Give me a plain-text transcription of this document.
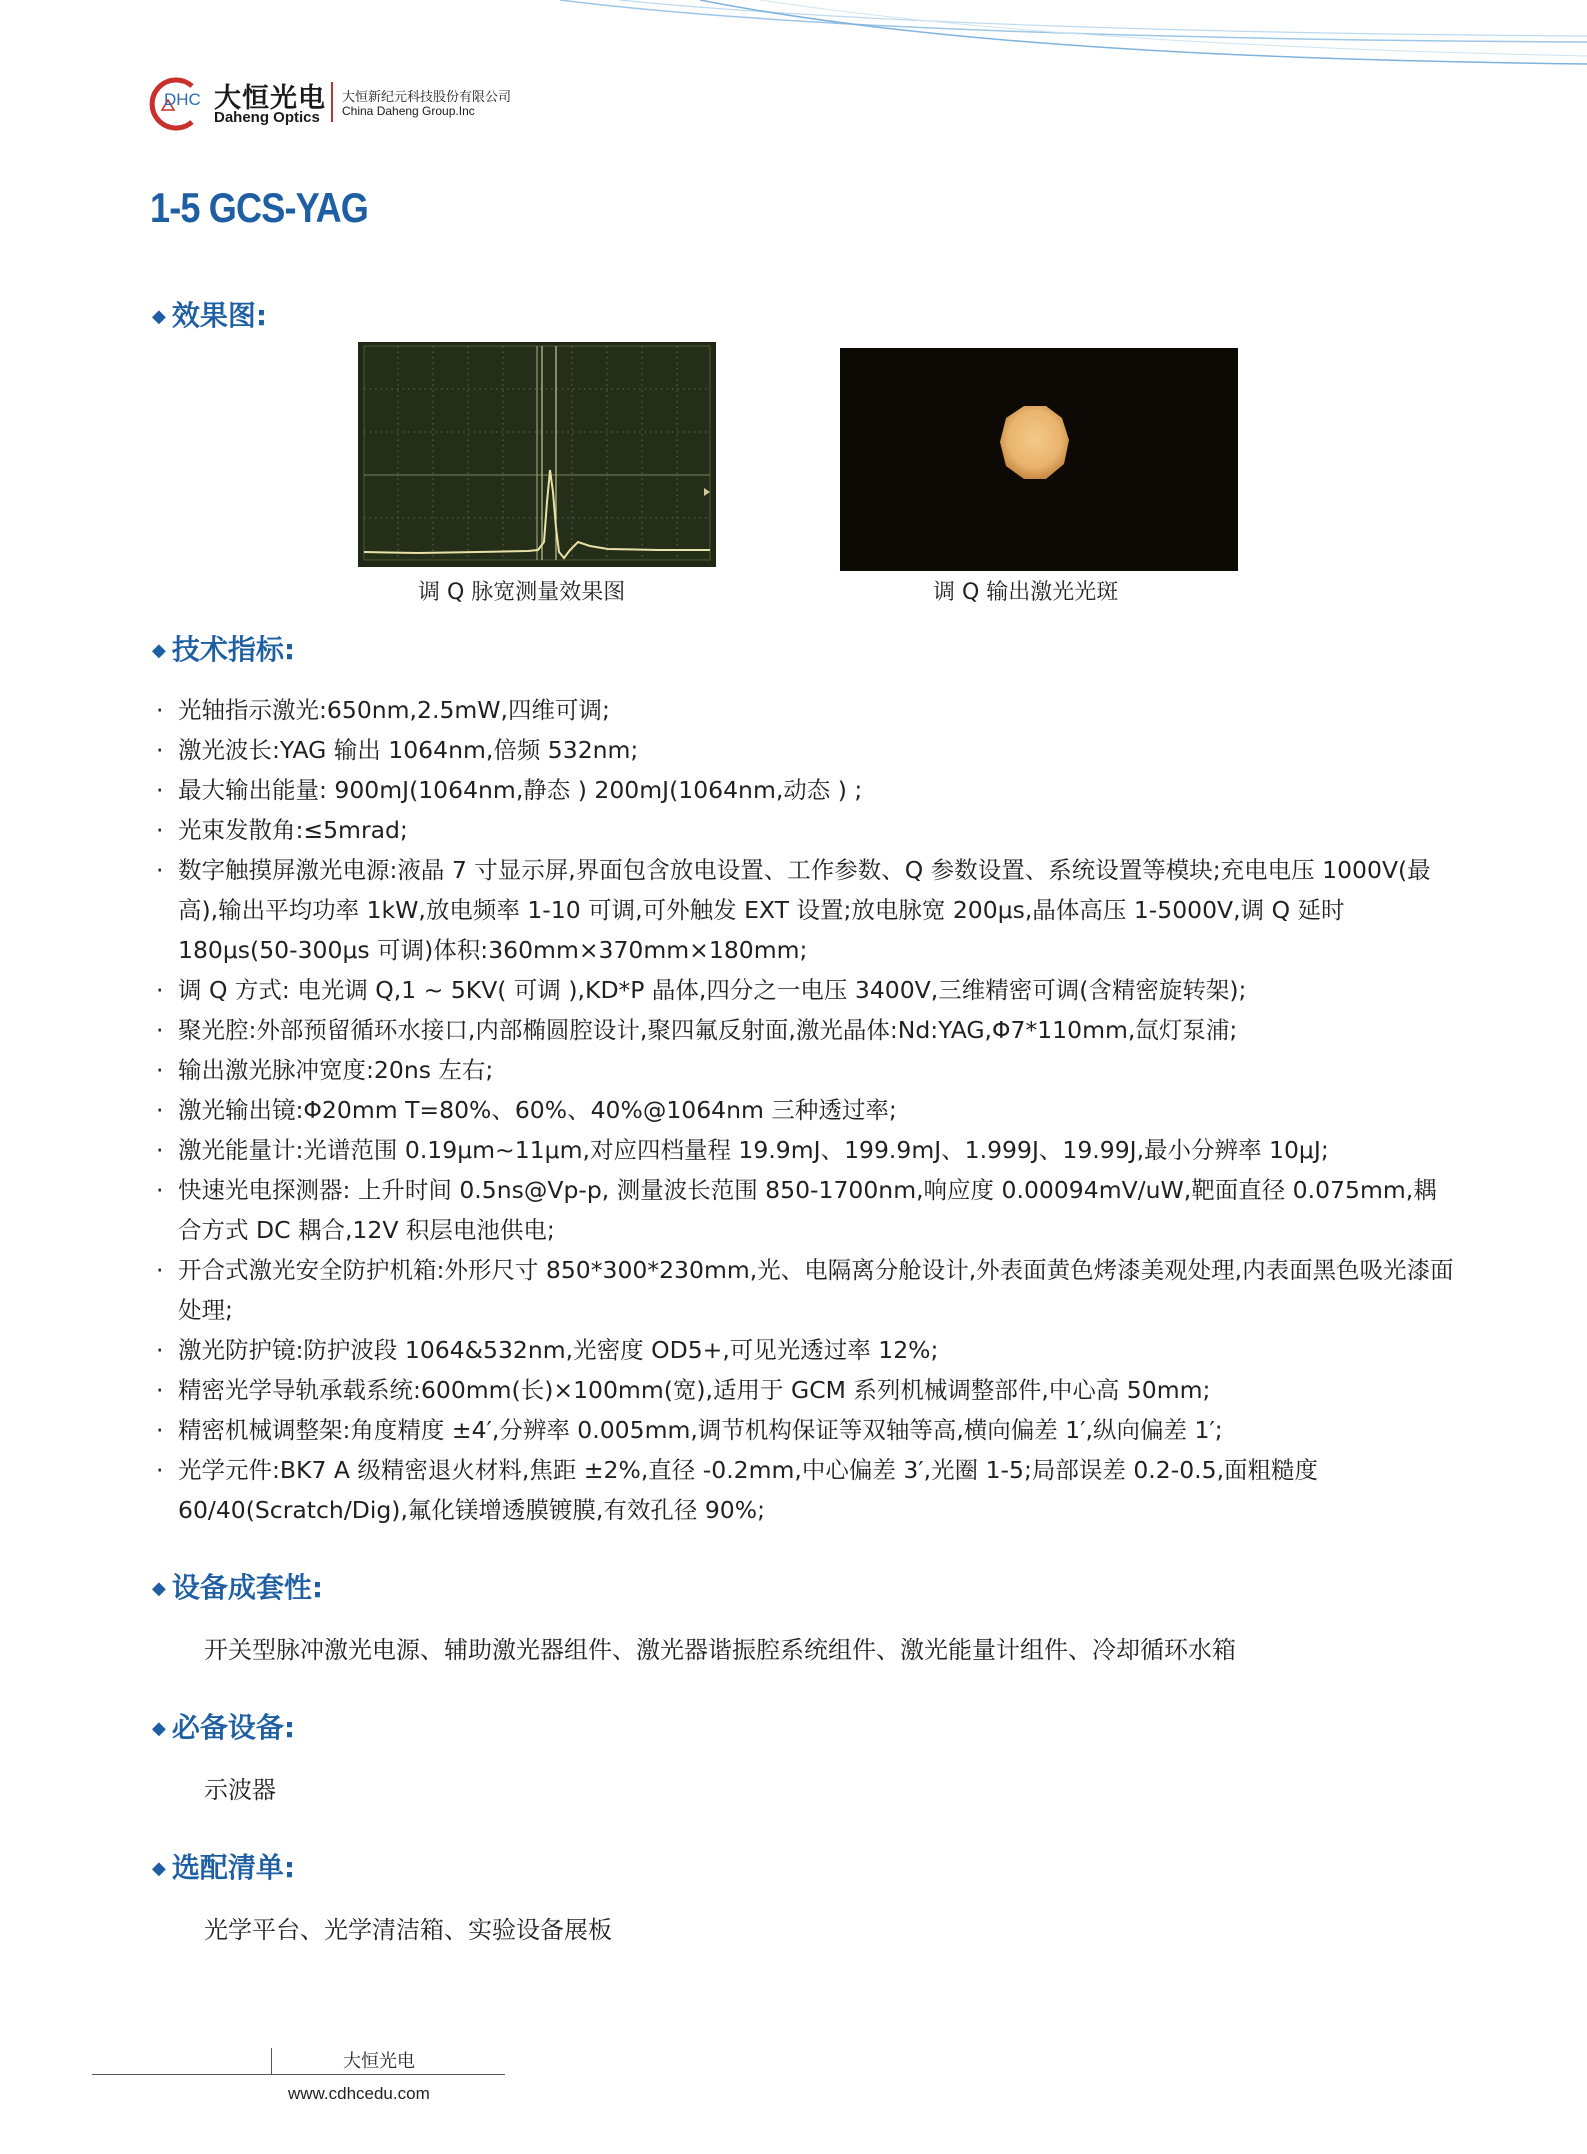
DHC 大恒光电
Daheng Optics
大恒新纪元科技股份有限公司
China Daheng Group.Inc
1-5 GCS-YAG
◆ 效果图:
调 Q 脉宽测量效果图	调 Q 输出激光光斑
◆ 技术指标:
· 光轴指示激光:650nm,2.5mW,四维可调;
· 激光波长:YAG 输出 1064nm,倍频 532nm;
· 最大输出能量: 900mJ(1064nm,静态 ) 200mJ(1064nm,动态 ) ;
· 光束发散角:≤5mrad;
· 数字触摸屏激光电源:液晶 7 寸显示屏,界面包含放电设置、工作参数、Q 参数设置、系统设置等模块;充电电压 1000V(最高),输出平均功率 1kW,放电频率 1-10 可调,可外触发 EXT 设置;放电脉宽 200μs,晶体高压 1-5000V,调 Q 延时 180μs(50-300μs 可调)体积:360mm×370mm×180mm;
· 调 Q 方式: 电光调 Q,1 ~ 5KV( 可调 ),KD*P 晶体,四分之一电压 3400V,三维精密可调(含精密旋转架);
· 聚光腔:外部预留循环水接口,内部椭圆腔设计,聚四氟反射面,激光晶体:Nd:YAG,Φ7*110mm,氙灯泵浦;
· 输出激光脉冲宽度:20ns 左右;
· 激光输出镜:Φ20mm T=80%、60%、40%@1064nm 三种透过率;
· 激光能量计:光谱范围 0.19μm~11μm,对应四档量程 19.9mJ、199.9mJ、1.999J、19.99J,最小分辨率 10μJ;
· 快速光电探测器: 上升时间 0.5ns@Vp-p, 测量波长范围 850-1700nm,响应度 0.00094mV/uW,靶面直径 0.075mm,耦合方式 DC 耦合,12V 积层电池供电;
· 开合式激光安全防护机箱:外形尺寸 850*300*230mm,光、电隔离分舱设计,外表面黄色烤漆美观处理,内表面黑色吸光漆面处理;
· 激光防护镜:防护波段 1064&532nm,光密度 OD5+,可见光透过率 12%;
· 精密光学导轨承载系统:600mm(长)×100mm(宽),适用于 GCM 系列机械调整部件,中心高 50mm;
· 精密机械调整架:角度精度 ±4′,分辨率 0.005mm,调节机构保证等双轴等高,横向偏差 1′,纵向偏差 1′;
· 光学元件:BK7 A 级精密退火材料,焦距 ±2%,直径 -0.2mm,中心偏差 3′,光圈 1-5;局部误差 0.2-0.5,面粗糙度 60/40(Scratch/Dig),氟化镁增透膜镀膜,有效孔径 90%;
◆ 设备成套性:
开关型脉冲激光电源、辅助激光器组件、激光器谐振腔系统组件、激光能量计组件、冷却循环水箱
◆ 必备设备:
示波器
◆ 选配清单:
光学平台、光学清洁箱、实验设备展板
大恒光电
www.cdhcedu.com
